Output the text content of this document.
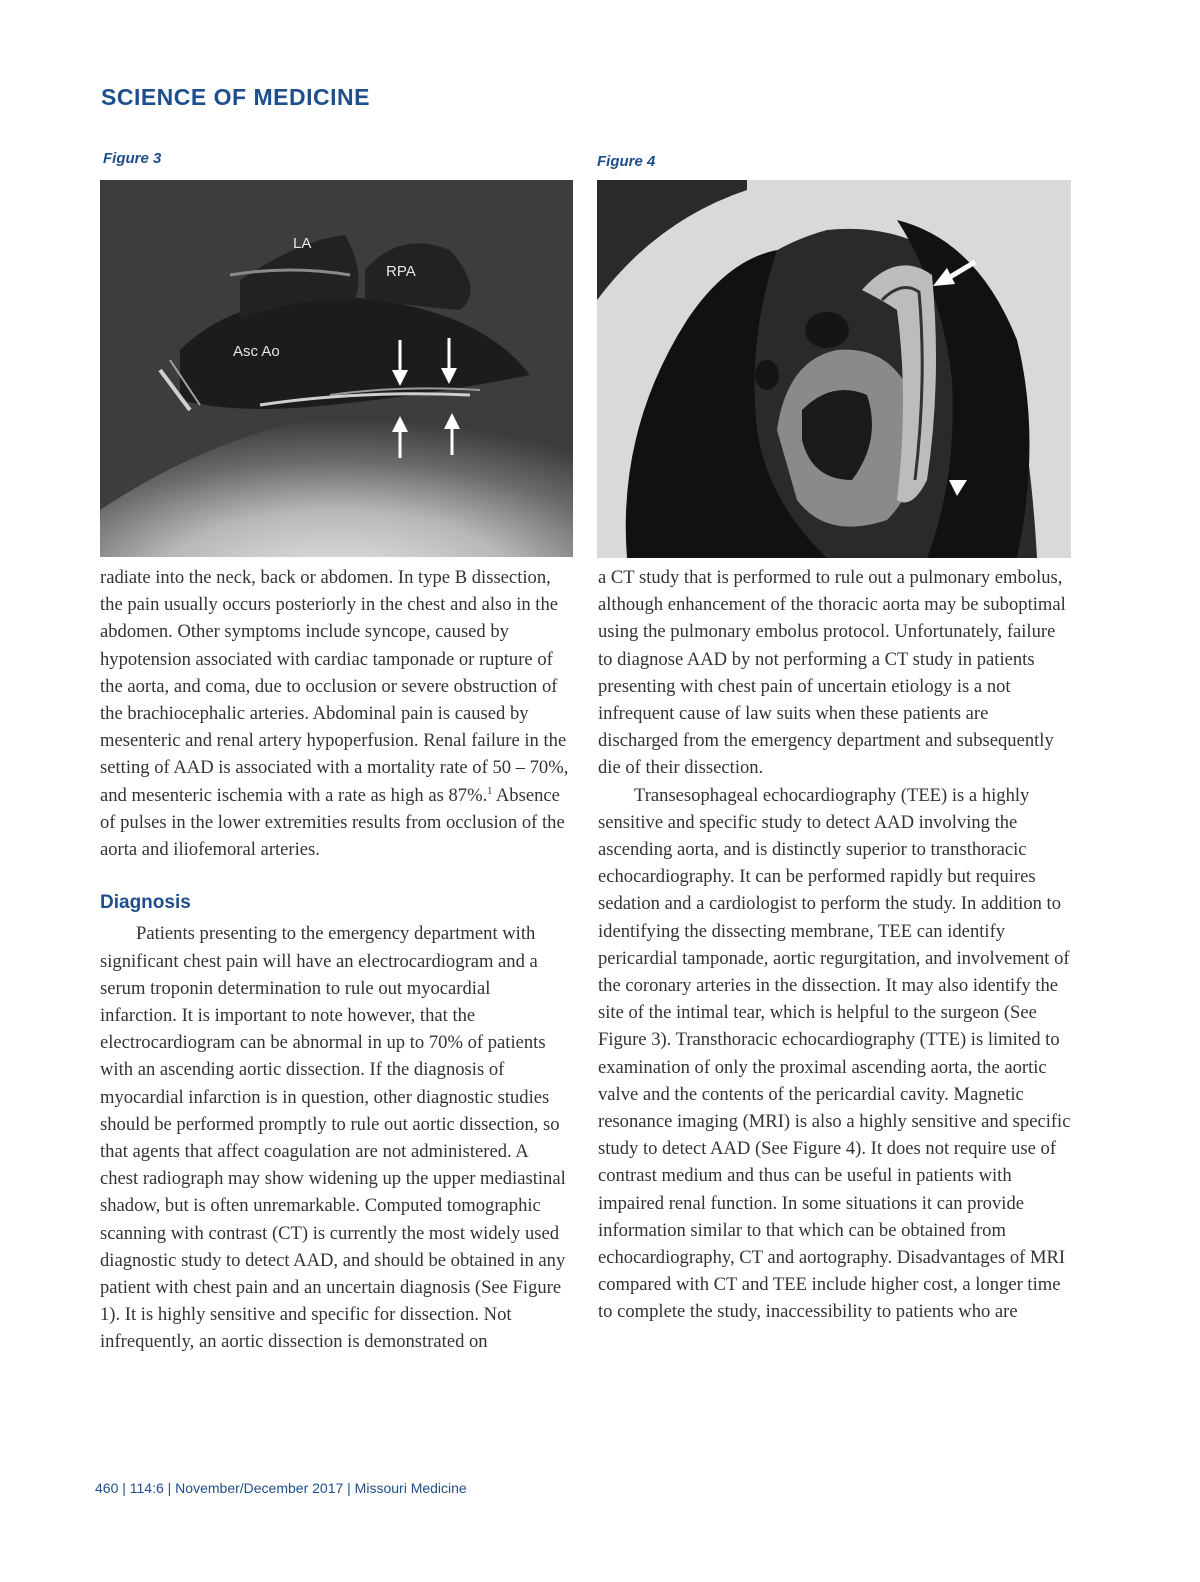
SCIENCE OF MEDICINE
Figure 3	Figure 4
LA
RPA
Asc Ao

radiate into the neck, back or abdomen. In type B dissection, the pain usually occurs posteriorly in the chest and also in the abdomen. Other symptoms include syncope, caused by hypotension associated with cardiac tamponade or rupture of the aorta, and coma, due to occlusion or severe obstruction of the brachiocephalic arteries. Abdominal pain is caused by mesenteric and renal artery hypoperfusion. Renal failure in the setting of AAD is associated with a mortality rate of 50 – 70%, and mesenteric ischemia with a rate as high as 87%.$^1$ Absence of pulses in the lower extremities results from occlusion of the aorta and iliofemoral arteries.

Diagnosis

Patients presenting to the emergency department with significant chest pain will have an electrocardiogram and a serum troponin determination to rule out myocardial infarction. It is important to note however, that the electrocardiogram can be abnormal in up to 70% of patients with an ascending aortic dissection. If the diagnosis of myocardial infarction is in question, other diagnostic studies should be performed promptly to rule out aortic dissection, so that agents that affect coagulation are not administered. A chest radiograph may show widening up the upper mediastinal shadow, but is often unremarkable. Computed tomographic scanning with contrast (CT) is currently the most widely used diagnostic study to detect AAD, and should be obtained in any patient with chest pain and an uncertain diagnosis (See Figure 1). It is highly sensitive and specific for dissection. Not infrequently, an aortic dissection is demonstrated on

a CT study that is performed to rule out a pulmonary embolus, although enhancement of the thoracic aorta may be suboptimal using the pulmonary embolus protocol. Unfortunately, failure to diagnose AAD by not performing a CT study in patients presenting with chest pain of uncertain etiology is a not infrequent cause of law suits when these patients are discharged from the emergency department and subsequently die of their dissection.

Transesophageal echocardiography (TEE) is a highly sensitive and specific study to detect AAD involving the ascending aorta, and is distinctly superior to transthoracic echocardiography. It can be performed rapidly but requires sedation and a cardiologist to perform the study. In addition to identifying the dissecting membrane, TEE can identify pericardial tamponade, aortic regurgitation, and involvement of the coronary arteries in the dissection. It may also identify the site of the intimal tear, which is helpful to the surgeon (See Figure 3). Transthoracic echocardiography (TTE) is limited to examination of only the proximal ascending aorta, the aortic valve and the contents of the pericardial cavity. Magnetic resonance imaging (MRI) is also a highly sensitive and specific study to detect AAD (See Figure 4). It does not require use of contrast medium and thus can be useful in patients with impaired renal function. In some situations it can provide information similar to that which can be obtained from echocardiography, CT and aortography. Disadvantages of MRI compared with CT and TEE include higher cost, a longer time to complete the study, inaccessibility to patients who are

460 | 114:6 | November/December 2017 | Missouri Medicine
